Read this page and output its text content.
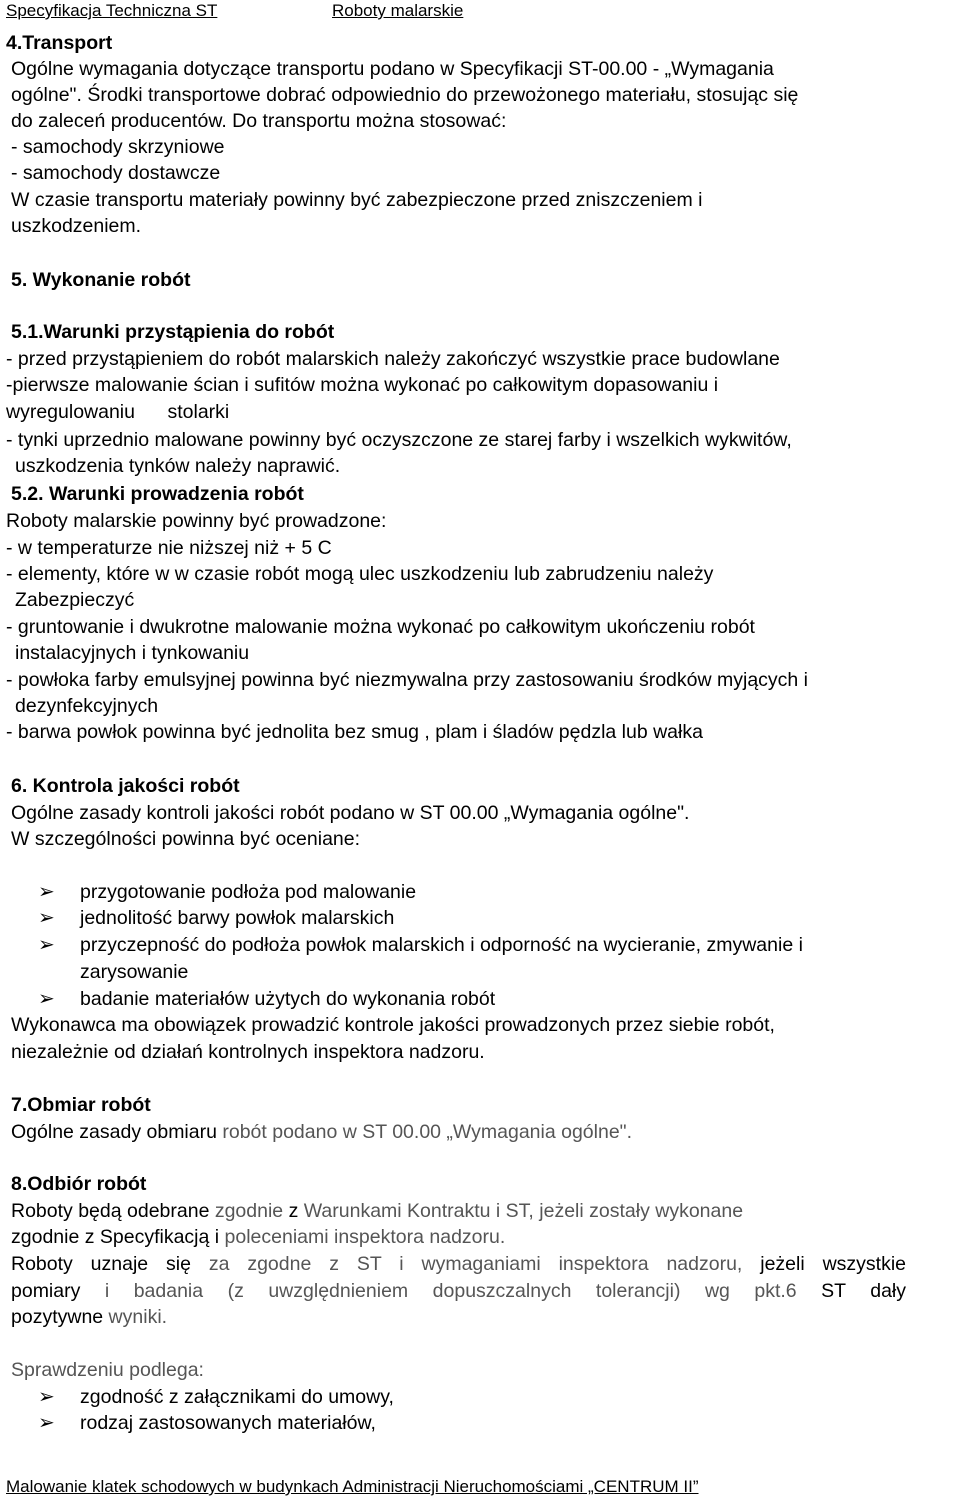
Specyfikacja Techniczna ST	Roboty malarskie
4.Transport
Ogólne wymagania dotyczące transportu podano w Specyfikacji ST-00.00 - „Wymagania
ogólne". Środki transportowe dobrać odpowiednio do przewożonego materiału, stosując się
do zaleceń producentów. Do transportu można stosować:
- samochody skrzyniowe
- samochody dostawcze
W czasie transportu materiały powinny być zabezpieczone przed zniszczeniem i
uszkodzeniem.
5. Wykonanie robót
5.1.Warunki przystąpienia do robót
- przed przystąpieniem do robót malarskich należy zakończyć wszystkie prace budowlane
-pierwsze malowanie ścian i sufitów można wykonać po całkowitym dopasowaniu i
wyregulowaniu      stolarki
- tynki uprzednio malowane powinny być oczyszczone ze starej farby i wszelkich wykwitów,
uszkodzenia tynków należy naprawić.
5.2. Warunki prowadzenia robót
Roboty malarskie powinny być prowadzone:
- w temperaturze nie niższej niż + 5 C
- elementy, które w w czasie robót mogą ulec uszkodzeniu lub zabrudzeniu należy
Zabezpieczyć
- gruntowanie i dwukrotne malowanie można wykonać po całkowitym ukończeniu robót
instalacyjnych i tynkowaniu
- powłoka farby emulsyjnej powinna być niezmywalna przy zastosowaniu środków myjących i
dezynfekcyjnych
- barwa powłok powinna być jednolita bez smug , plam i śladów pędzla lub wałka
6. Kontrola jakości robót
Ogólne zasady kontroli jakości robót podano w ST 00.00 „Wymagania ogólne".
W szczególności powinna być oceniane:
➢ przygotowanie podłoża pod malowanie
➢ jednolitość barwy powłok malarskich
➢ przyczepność do podłoża powłok malarskich i odporność na wycieranie, zmywanie i
zarysowanie
➢ badanie materiałów użytych do wykonania robót
Wykonawca ma obowiązek prowadzić kontrole jakości prowadzonych przez siebie robót,
niezależnie od działań kontrolnych inspektora nadzoru.
7.Obmiar robót
Ogólne zasady obmiaru robót podano w ST 00.00 „Wymagania ogólne".
8.Odbiór robót
Roboty będą odebrane zgodnie z Warunkami Kontraktu i ST, jeżeli zostały wykonane
zgodnie z Specyfikacją i poleceniami inspektora nadzoru.
Roboty uznaje się za zgodne z ST i wymaganiami inspektora nadzoru, jeżeli wszystkie
pomiary i badania (z uwzględnieniem dopuszczalnych tolerancji) wg pkt.6 ST dały
pozytywne wyniki.
Sprawdzeniu podlega:
➢ zgodność z załącznikami do umowy,
➢ rodzaj zastosowanych materiałów,
Malowanie klatek schodowych w budynkach Administracji Nieruchomościami „CENTRUM II”
